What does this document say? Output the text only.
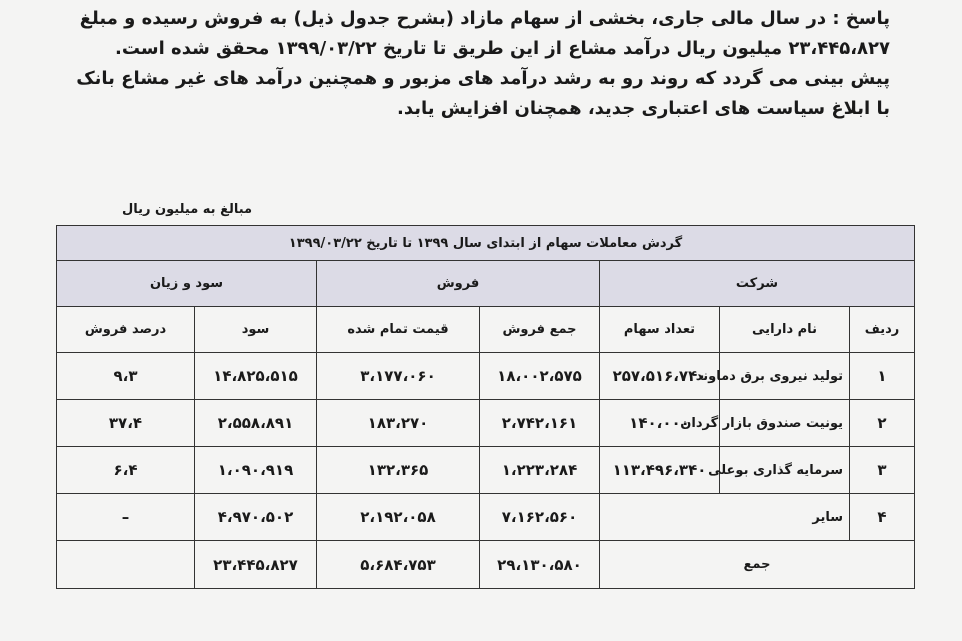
پاسخ : در سال مالی جاری، بخشی از سهام مازاد (بشرح جدول ذیل) به فروش رسیده و مبلغ

۲۳،۴۴۵،۸۲۷ میلیون ریال درآمد مشاع از این طریق تا تاریخ ۱۳۹۹/۰۳/۲۲ محقق شده است.

پیش بینی می گردد که روند رو به رشد درآمد های مزبور و همچنین درآمد های غیر مشاع بانک

با ابلاغ سیاست های اعتباری جدید، همچنان افزایش یابد.

مبالغ به میلیون ریال
گردش معاملات سهام از ابتدای سال ۱۳۹۹ تا تاریخ ۱۳۹۹/۰۳/۲۲						
شرکت			فروش		سود و زیان	
ردیف	نام دارایی	تعداد سهام	جمع فروش	قیمت تمام شده	سود	درصد فروش
۱	تولید نیروی برق دماوند	۲۵۷،۵۱۶،۷۴۰	۱۸،۰۰۲،۵۷۵	۳،۱۷۷،۰۶۰	۱۴،۸۲۵،۵۱۵	۹،۳
۲	یونیت صندوق بازار گردان	۱۴۰،۰۰۰	۲،۷۴۲،۱۶۱	۱۸۳،۲۷۰	۲،۵۵۸،۸۹۱	۳۷،۴
۳	سرمایه گذاری بوعلی	۱۱۳،۴۹۶،۳۴۰	۱،۲۲۳،۲۸۴	۱۳۲،۳۶۵	۱،۰۹۰،۹۱۹	۶،۴
۴	سایر		۷،۱۶۲،۵۶۰	۲،۱۹۲،۰۵۸	۴،۹۷۰،۵۰۲	–
جمع			۲۹،۱۳۰،۵۸۰	۵،۶۸۴،۷۵۳	۲۳،۴۴۵،۸۲۷	
